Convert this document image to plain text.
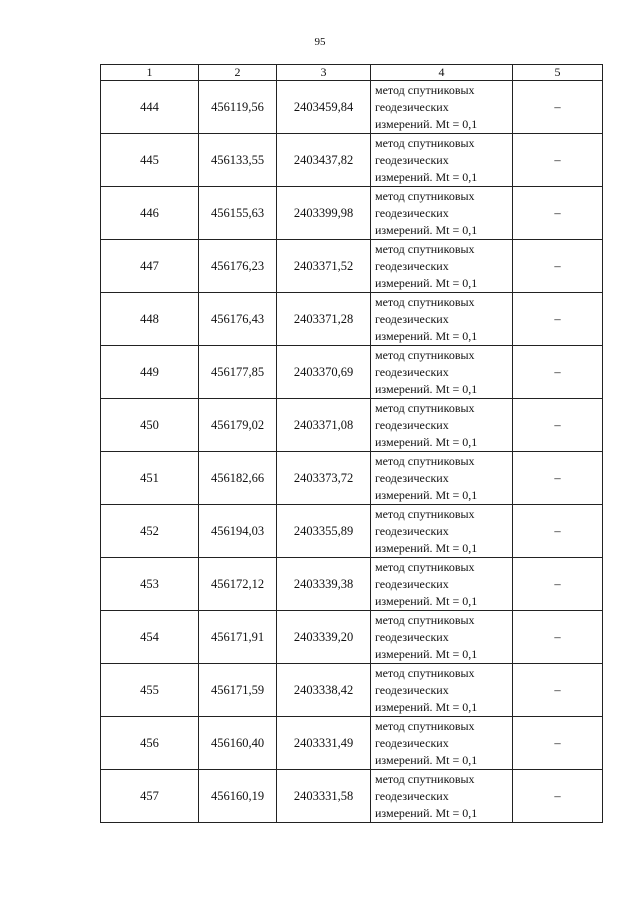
95
1	2	3	4	5
444	456119,56	2403459,84	метод спутниковых
геодезических
измерений. Mt = 0,1	–
445	456133,55	2403437,82	метод спутниковых
геодезических
измерений. Mt = 0,1	–
446	456155,63	2403399,98	метод спутниковых
геодезических
измерений. Mt = 0,1	–
447	456176,23	2403371,52	метод спутниковых
геодезических
измерений. Mt = 0,1	–
448	456176,43	2403371,28	метод спутниковых
геодезических
измерений. Mt = 0,1	–
449	456177,85	2403370,69	метод спутниковых
геодезических
измерений. Mt = 0,1	–
450	456179,02	2403371,08	метод спутниковых
геодезических
измерений. Mt = 0,1	–
451	456182,66	2403373,72	метод спутниковых
геодезических
измерений. Mt = 0,1	–
452	456194,03	2403355,89	метод спутниковых
геодезических
измерений. Mt = 0,1	–
453	456172,12	2403339,38	метод спутниковых
геодезических
измерений. Mt = 0,1	–
454	456171,91	2403339,20	метод спутниковых
геодезических
измерений. Mt = 0,1	–
455	456171,59	2403338,42	метод спутниковых
геодезических
измерений. Mt = 0,1	–
456	456160,40	2403331,49	метод спутниковых
геодезических
измерений. Mt = 0,1	–
457	456160,19	2403331,58	метод спутниковых
геодезических
измерений. Mt = 0,1	–
